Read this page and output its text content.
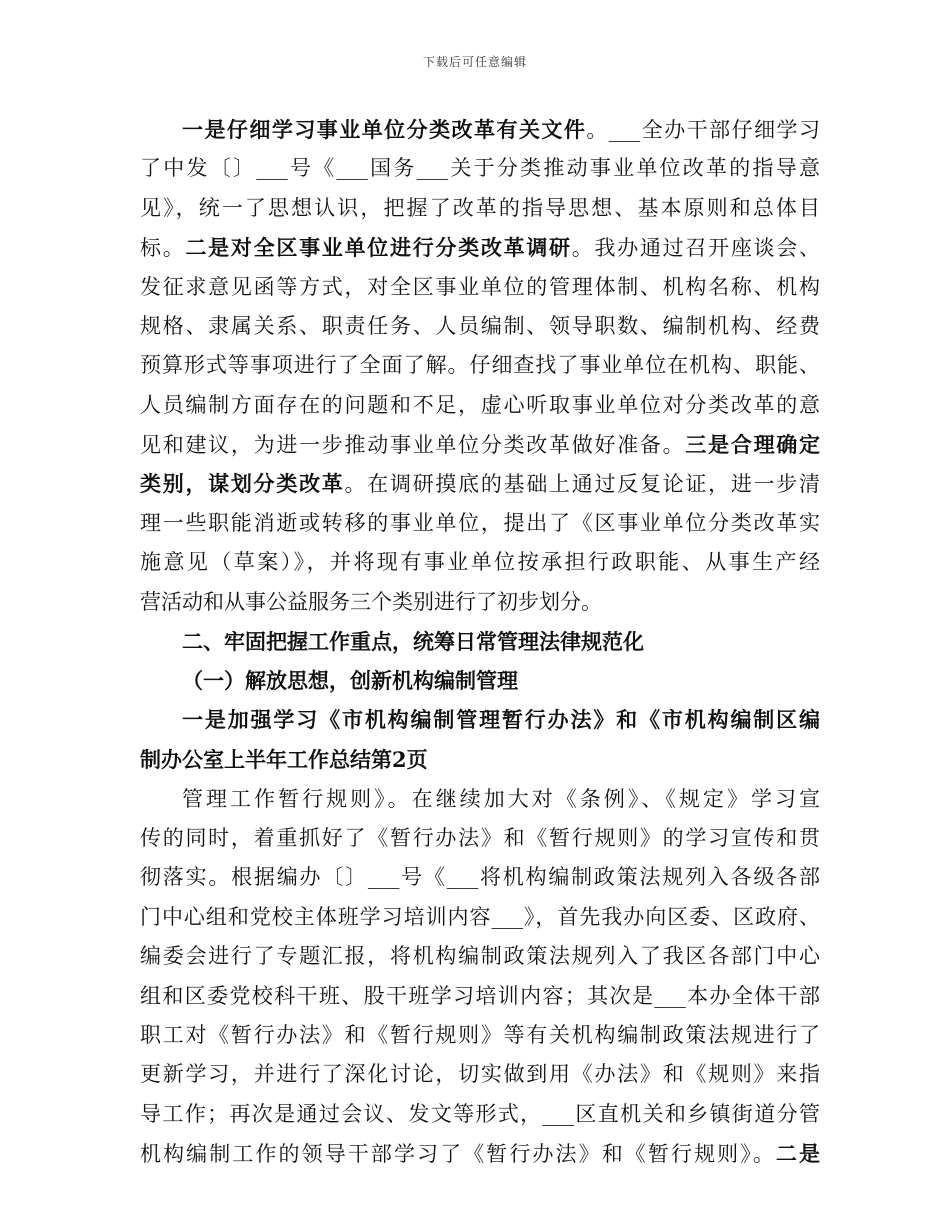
下载后可任意编辑
一是仔细学习事业单位分类改革有关文件。___全办干部仔细学习
了中发〔〕___号《___国务___关于分类推动事业单位改革的指导意
见》，统一了思想认识，把握了改革的指导思想、基本原则和总体目
标。二是对全区事业单位进行分类改革调研。我办通过召开座谈会、
发征求意见函等方式，对全区事业单位的管理体制、机构名称、机构
规格、隶属关系、职责任务、人员编制、领导职数、编制机构、经费
预算形式等事项进行了全面了解。仔细查找了事业单位在机构、职能、
人员编制方面存在的问题和不足，虚心听取事业单位对分类改革的意
见和建议，为进一步推动事业单位分类改革做好准备。三是合理确定
类别，谋划分类改革。在调研摸底的基础上通过反复论证，进一步清
理一些职能消逝或转移的事业单位，提出了《区事业单位分类改革实
施意见（草案）》，并将现有事业单位按承担行政职能、从事生产经
营活动和从事公益服务三个类别进行了初步划分。
二、牢固把握工作重点，统筹日常管理法律规范化
（一）解放思想，创新机构编制管理
一是加强学习《市机构编制管理暂行办法》和《市机构编制区编
制办公室上半年工作总结第2页
管理工作暂行规则》。在继续加大对《条例》、《规定》学习宣
传的同时，着重抓好了《暂行办法》和《暂行规则》的学习宣传和贯
彻落实。根据编办〔〕___号《___将机构编制政策法规列入各级各部
门中心组和党校主体班学习培训内容___》，首先我办向区委、区政府、
编委会进行了专题汇报，将机构编制政策法规列入了我区各部门中心
组和区委党校科干班、股干班学习培训内容；其次是___本办全体干部
职工对《暂行办法》和《暂行规则》等有关机构编制政策法规进行了
更新学习，并进行了深化讨论，切实做到用《办法》和《规则》来指
导工作；再次是通过会议、发文等形式，___区直机关和乡镇街道分管
机构编制工作的领导干部学习了《暂行办法》和《暂行规则》。二是
